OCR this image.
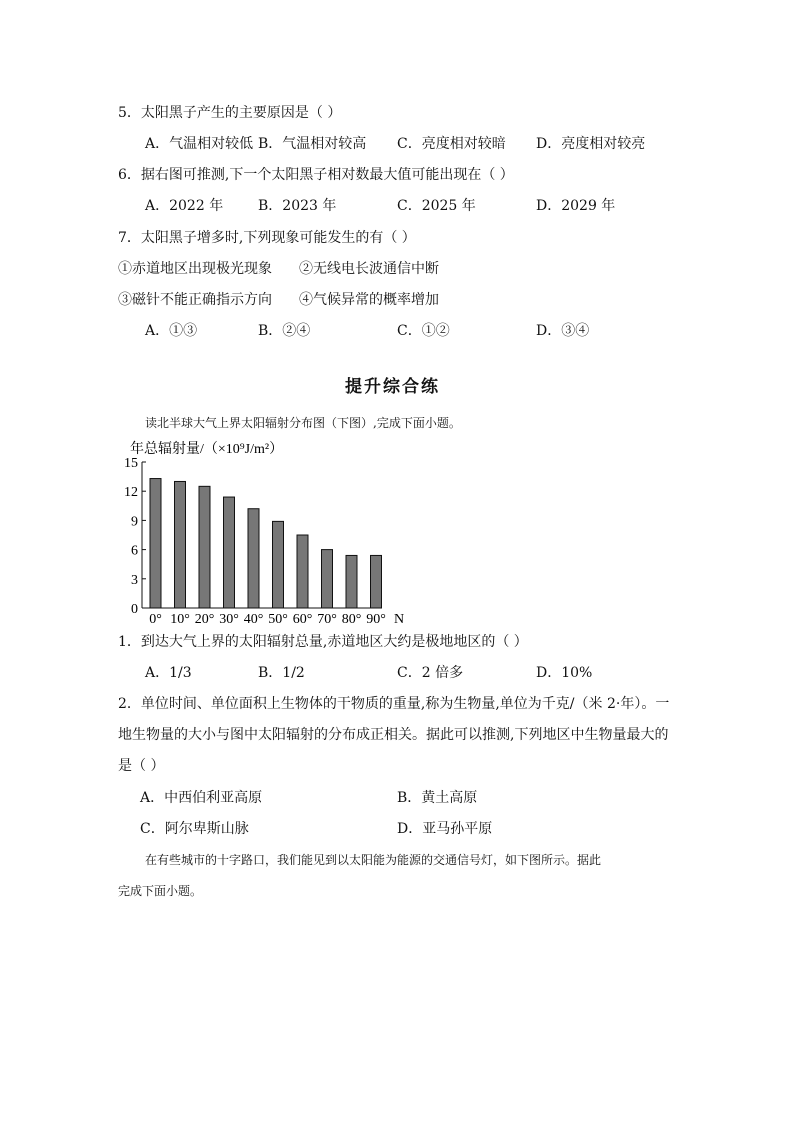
5．太阳黑子产生的主要原因是（ ）
A．气温相对较低 B．气温相对较高 C．亮度相对较暗 D．亮度相对较亮
6．据右图可推测,下一个太阳黑子相对数最大值可能出现在（ ）
A．2022 年 B．2023 年	C．2025 年	D．2029 年
7．太阳黑子增多时,下列现象可能发生的有（ ）
①赤道地区出现极光现象 ②无线电长波通信中断
③磁针不能正确指示方向 ④气候异常的概率增加
A．①③	B．②④	C．①②	D．③④
提升综合练
读北半球大气上界太阳辐射分布图（下图）,完成下面小题。
年总辐射量/（×10⁹J/m²）
15
12
9
6
3
0
0° 10° 20° 30° 40° 50° 60° 70° 80° 90° N
1．到达大气上界的太阳辐射总量,赤道地区大约是极地地区的（ ）
A．1/3	B．1/2	C．2 倍多	D．10%
2．单位时间、单位面积上生物体的干物质的重量,称为生物量,单位为千克/（米 2·年）。一
地生物量的大小与图中太阳辐射的分布成正相关。据此可以推测,下列地区中生物量最大的
是（ ）
A．中西伯利亚高原	B．黄土高原
C．阿尔卑斯山脉	D．亚马孙平原
在有些城市的十字路口，我们能见到以太阳能为能源的交通信号灯，如下图所示。据此
完成下面小题。
